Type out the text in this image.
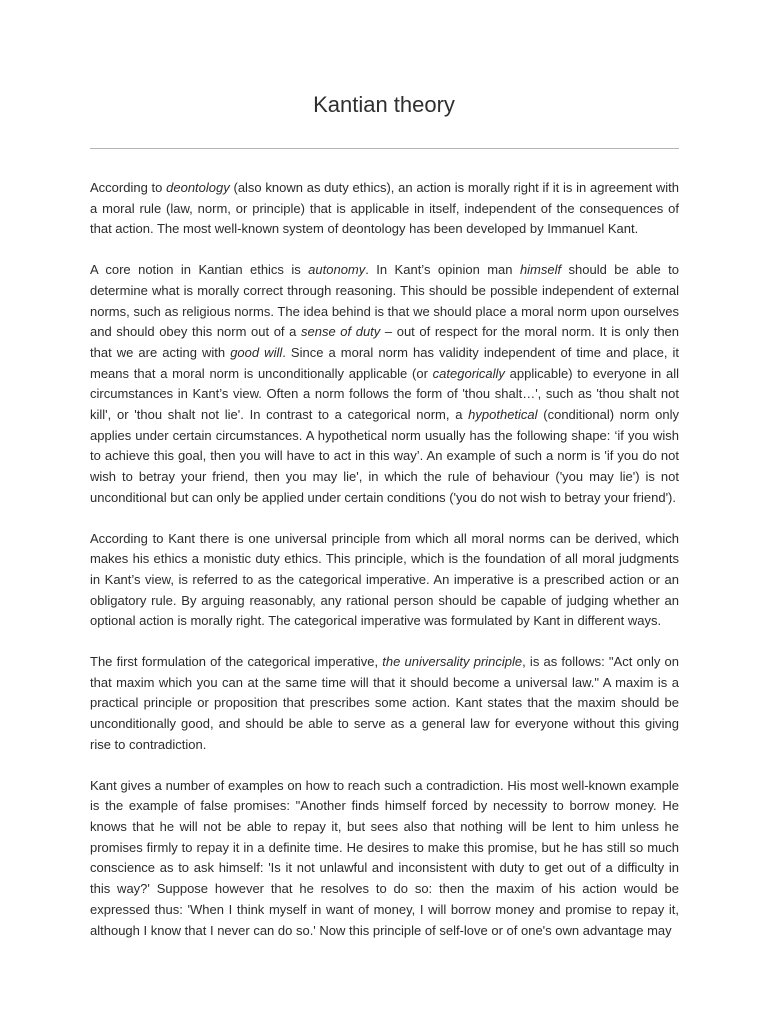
Kantian theory

According to deontology (also known as duty ethics), an action is morally right if it is in agreement with a moral rule (law, norm, or principle) that is applicable in itself, independent of the consequences of that action. The most well-known system of deontology has been developed by Immanuel Kant.

A core notion in Kantian ethics is autonomy. In Kant’s opinion man himself should be able to determine what is morally correct through reasoning. This should be possible independent of external norms, such as religious norms. The idea behind is that we should place a moral norm upon ourselves and should obey this norm out of a sense of duty – out of respect for the moral norm. It is only then that we are acting with good will. Since a moral norm has validity independent of time and place, it means that a moral norm is unconditionally applicable (or categorically applicable) to everyone in all circumstances in Kant’s view. Often a norm follows the form of 'thou shalt…', such as 'thou shalt not kill', or 'thou shalt not lie'. In contrast to a categorical norm, a hypothetical (conditional) norm only applies under certain circumstances. A hypothetical norm usually has the following shape: ‘if you wish to achieve this goal, then you will have to act in this way’. An example of such a norm is 'if you do not wish to betray your friend, then you may lie', in which the rule of behaviour ('you may lie') is not unconditional but can only be applied under certain conditions ('you do not wish to betray your friend').

According to Kant there is one universal principle from which all moral norms can be derived, which makes his ethics a monistic duty ethics. This principle, which is the foundation of all moral judgments in Kant’s view, is referred to as the categorical imperative. An imperative is a prescribed action or an obligatory rule. By arguing reasonably, any rational person should be capable of judging whether an optional action is morally right. The categorical imperative was formulated by Kant in different ways.

The first formulation of the categorical imperative, the universality principle, is as follows: "Act only on that maxim which you can at the same time will that it should become a universal law." A maxim is a practical principle or proposition that prescribes some action. Kant states that the maxim should be unconditionally good, and should be able to serve as a general law for everyone without this giving rise to contradiction.

Kant gives a number of examples on how to reach such a contradiction. His most well-known example is the example of false promises: "Another finds himself forced by necessity to borrow money. He knows that he will not be able to repay it, but sees also that nothing will be lent to him unless he promises firmly to repay it in a definite time. He desires to make this promise, but he has still so much conscience as to ask himself: 'Is it not unlawful and inconsistent with duty to get out of a difficulty in this way?' Suppose however that he resolves to do so: then the maxim of his action would be expressed thus: 'When I think myself in want of money, I will borrow money and promise to repay it, although I know that I never can do so.' Now this principle of self-love or of one's own advantage may
